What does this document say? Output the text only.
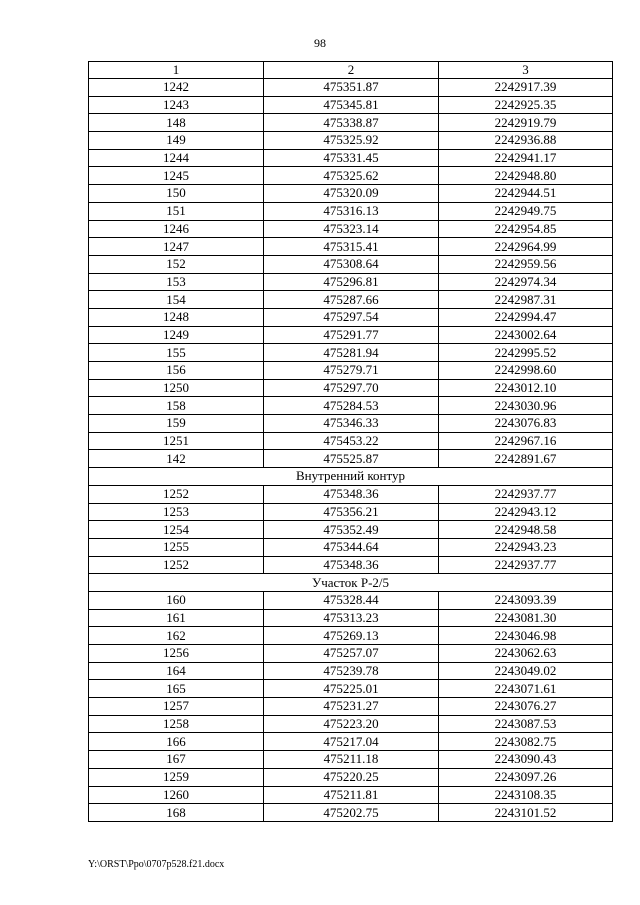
98
1	2	3
1242	475351.87	2242917.39
1243	475345.81	2242925.35
148	475338.87	2242919.79
149	475325.92	2242936.88
1244	475331.45	2242941.17
1245	475325.62	2242948.80
150	475320.09	2242944.51
151	475316.13	2242949.75
1246	475323.14	2242954.85
1247	475315.41	2242964.99
152	475308.64	2242959.56
153	475296.81	2242974.34
154	475287.66	2242987.31
1248	475297.54	2242994.47
1249	475291.77	2243002.64
155	475281.94	2242995.52
156	475279.71	2242998.60
1250	475297.70	2243012.10
158	475284.53	2243030.96
159	475346.33	2243076.83
1251	475453.22	2242967.16
142	475525.87	2242891.67
Внутренний контур		
1252	475348.36	2242937.77
1253	475356.21	2242943.12
1254	475352.49	2242948.58
1255	475344.64	2242943.23
1252	475348.36	2242937.77
Участок Р-2/5		
160	475328.44	2243093.39
161	475313.23	2243081.30
162	475269.13	2243046.98
1256	475257.07	2243062.63
164	475239.78	2243049.02
165	475225.01	2243071.61
1257	475231.27	2243076.27
1258	475223.20	2243087.53
166	475217.04	2243082.75
167	475211.18	2243090.43
1259	475220.25	2243097.26
1260	475211.81	2243108.35
168	475202.75	2243101.52
Y:\ORST\Ppo\0707p528.f21.docx
